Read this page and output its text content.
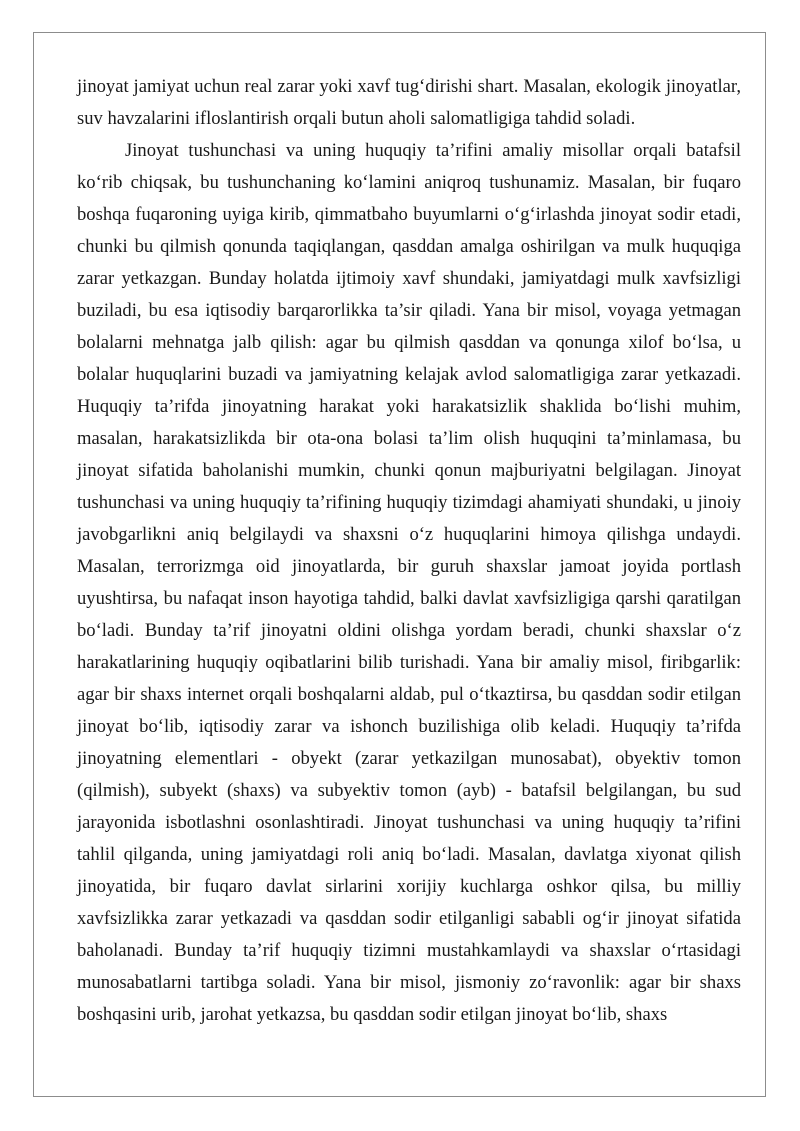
jinoyat jamiyat uchun real zarar yoki xavf tug‘dirishi shart. Masalan, ekologik jinoyatlar, suv havzalarini ifloslantirish orqali butun aholi salomatligiga tahdid soladi.

Jinoyat tushunchasi va uning huquqiy ta’rifini amaliy misollar orqali batafsil ko‘rib chiqsak, bu tushunchaning ko‘lamini aniqroq tushunamiz. Masalan, bir fuqaro boshqa fuqaroning uyiga kirib, qimmatbaho buyumlarni o‘g‘irlashda jinoyat sodir etadi, chunki bu qilmish qonunda taqiqlangan, qasddan amalga oshirilgan va mulk huquqiga zarar yetkazgan. Bunday holatda ijtimoiy xavf shundaki, jamiyatdagi mulk xavfsizligi buziladi, bu esa iqtisodiy barqarorlikka ta’sir qiladi. Yana bir misol, voyaga yetmagan bolalarni mehnatga jalb qilish: agar bu qilmish qasddan va qonunga xilof bo‘lsa, u bolalar huquqlarini buzadi va jamiyatning kelajak avlod salomatligiga zarar yetkazadi. Huquqiy ta’rifda jinoyatning harakat yoki harakatsizlik shaklida bo‘lishi muhim, masalan, harakatsizlikda bir ota-ona bolasi ta’lim olish huquqini ta’minlamasa, bu jinoyat sifatida baholanishi mumkin, chunki qonun majburiyatni belgilagan. Jinoyat tushunchasi va uning huquqiy ta’rifining huquqiy tizimdagi ahamiyati shundaki, u jinoiy javobgarlikni aniq belgilaydi va shaxsni o‘z huquqlarini himoya qilishga undaydi. Masalan, terrorizmga oid jinoyatlarda, bir guruh shaxslar jamoat joyida portlash uyushtirsa, bu nafaqat inson hayotiga tahdid, balki davlat xavfsizligiga qarshi qaratilgan bo‘ladi. Bunday ta’rif jinoyatni oldini olishga yordam beradi, chunki shaxslar o‘z harakatlarining huquqiy oqibatlarini bilib turishadi. Yana bir amaliy misol, firibgarlik: agar bir shaxs internet orqali boshqalarni aldab, pul o‘tkaztirsa, bu qasddan sodir etilgan jinoyat bo‘lib, iqtisodiy zarar va ishonch buzilishiga olib keladi. Huquqiy ta’rifda jinoyatning elementlari - obyekt (zarar yetkazilgan munosabat), obyektiv tomon (qilmish), subyekt (shaxs) va subyektiv tomon (ayb) - batafsil belgilangan, bu sud jarayonida isbotlashni osonlashtiradi. Jinoyat tushunchasi va uning huquqiy ta’rifini tahlil qilganda, uning jamiyatdagi roli aniq bo‘ladi. Masalan, davlatga xiyonat qilish jinoyatida, bir fuqaro davlat sirlarini xorijiy kuchlarga oshkor qilsa, bu milliy xavfsizlikka zarar yetkazadi va qasddan sodir etilganligi sababli og‘ir jinoyat sifatida baholanadi. Bunday ta’rif huquqiy tizimni mustahkamlaydi va shaxslar o‘rtasidagi munosabatlarni tartibga soladi. Yana bir misol, jismoniy zo‘ravonlik: agar bir shaxs boshqasini urib, jarohat yetkazsa, bu qasddan sodir etilgan jinoyat bo‘lib, shaxs
